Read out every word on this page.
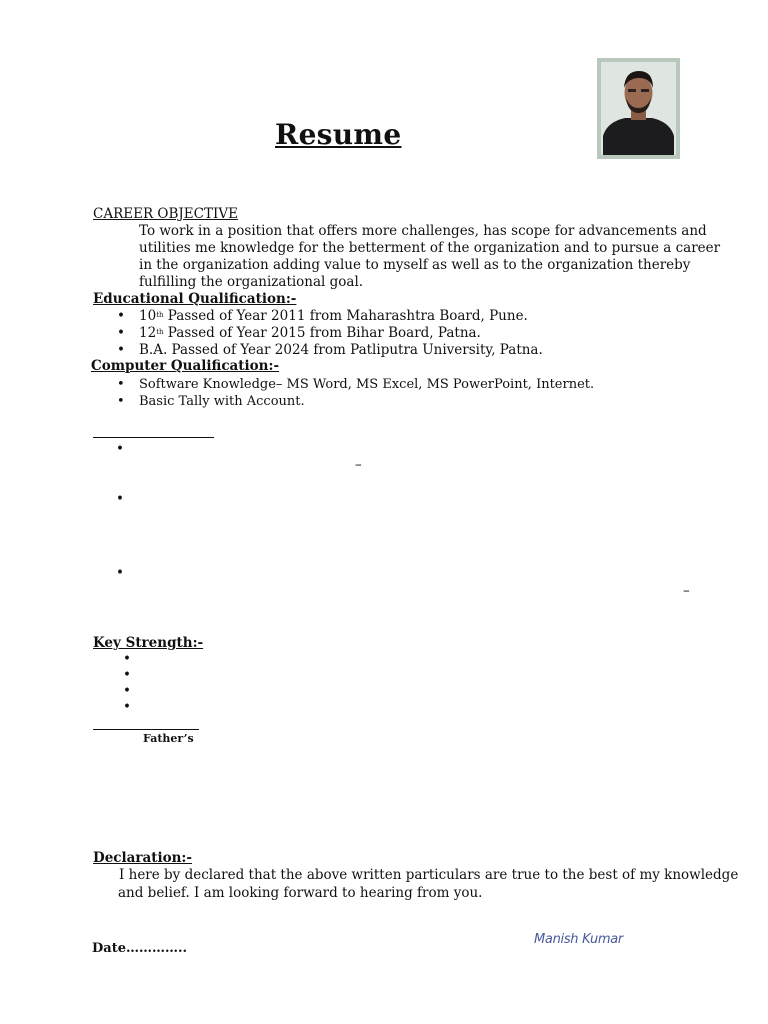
Resume
CAREER OBJECTIVE
To work in a position that offers more challenges, has scope for advancements and
utilities me knowledge for the betterment of the organization and to pursue a career
in the organization adding value to myself as well as to the organization thereby
fulfilling the organizational goal.
Educational Qualification:-
• 10th Passed of Year 2011 from Maharashtra Board, Pune.
• 12th Passed of Year 2015 from Bihar Board, Patna.
• B.A. Passed of Year 2024 from Patliputra University, Patna.
Computer Qualification:-
• Software Knowledge– MS Word, MS Excel, MS PowerPoint, Internet.
• Basic Tally with Account.
•
–
•
•
–
Key Strength:-
•
•
•
•
Father’s
Declaration:-
I here by declared that the above written particulars are true to the best of my knowledge
and belief. I am looking forward to hearing from you.
Date…………..
Manish Kumar
